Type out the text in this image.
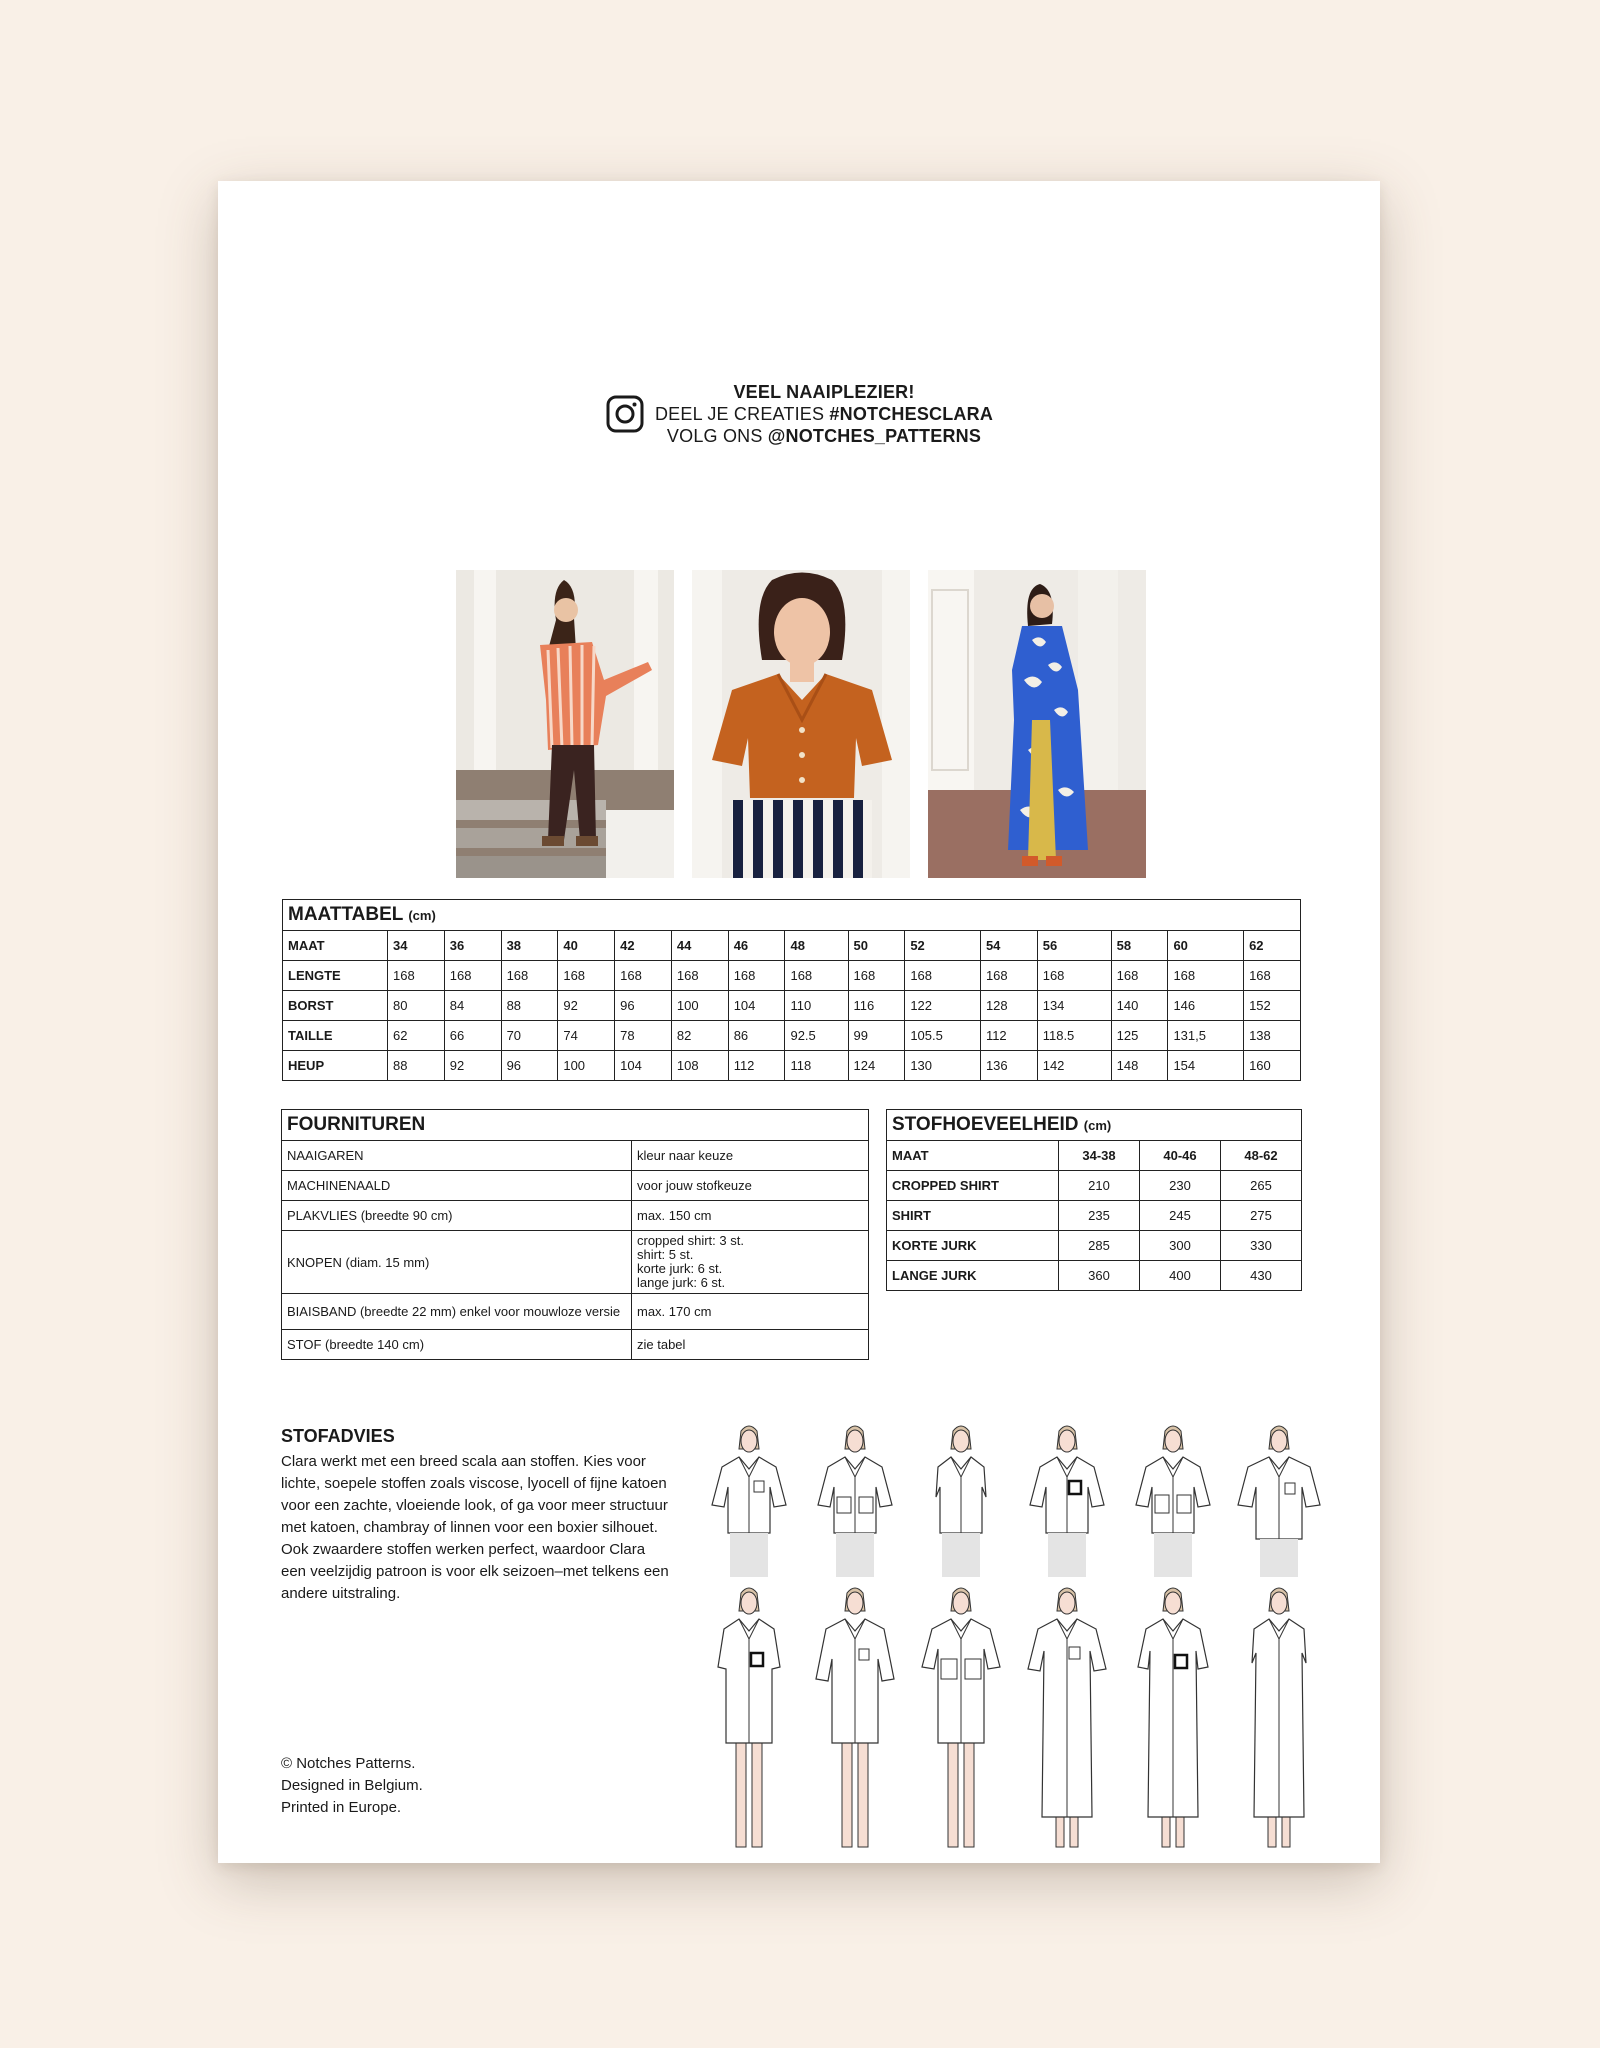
VEEL NAAIPLEZIER!
DEEL JE CREATIES #NOTCHESCLARA
VOLG ONS @NOTCHES_PATTERNS
MAATTABEL (cm)															
MAAT	34	36	38	40	42	44	46	48	50	52	54	56	58	60	62
LENGTE	168	168	168	168	168	168	168	168	168	168	168	168	168	168	168
BORST	80	84	88	92	96	100	104	110	116	122	128	134	140	146	152
TAILLE	62	66	70	74	78	82	86	92.5	99	105.5	112	118.5	125	131,5	138
HEUP	88	92	96	100	104	108	112	118	124	130	136	142	148	154	160
FOURNITUREN	
NAAIGAREN	kleur naar keuze
MACHINENAALD	voor jouw stofkeuze
PLAKVLIES (breedte 90 cm)	max. 150 cm
KNOPEN (diam. 15 mm)	cropped shirt: 3 st.
shirt: 5 st.
korte jurk: 6 st.
lange jurk: 6 st.

BIAISBAND (breedte 22 mm) enkel voor mouwloze versie	max. 170 cm
STOF (breedte 140 cm)	zie tabel
STOFHOEVEELHEID (cm)			
MAAT	34-38	40-46	48-62
CROPPED SHIRT	210	230	265
SHIRT	235	245	275
KORTE JURK	285	300	330
LANGE JURK	360	400	430
STOFADVIES

Clara werkt met een breed scala aan stoffen. Kies voor lichte, soepele stoffen zoals viscose, lyocell of fijne katoen voor een zachte, vloeiende look, of ga voor meer structuur met katoen, chambray of linnen voor een boxier silhouet. Ook zwaardere stoffen werken perfect, waardoor Clara een veelzijdig patroon is voor elk seizoen–met telkens een andere uitstraling.

© Notches Patterns.
Designed in Belgium.
Printed in Europe.
